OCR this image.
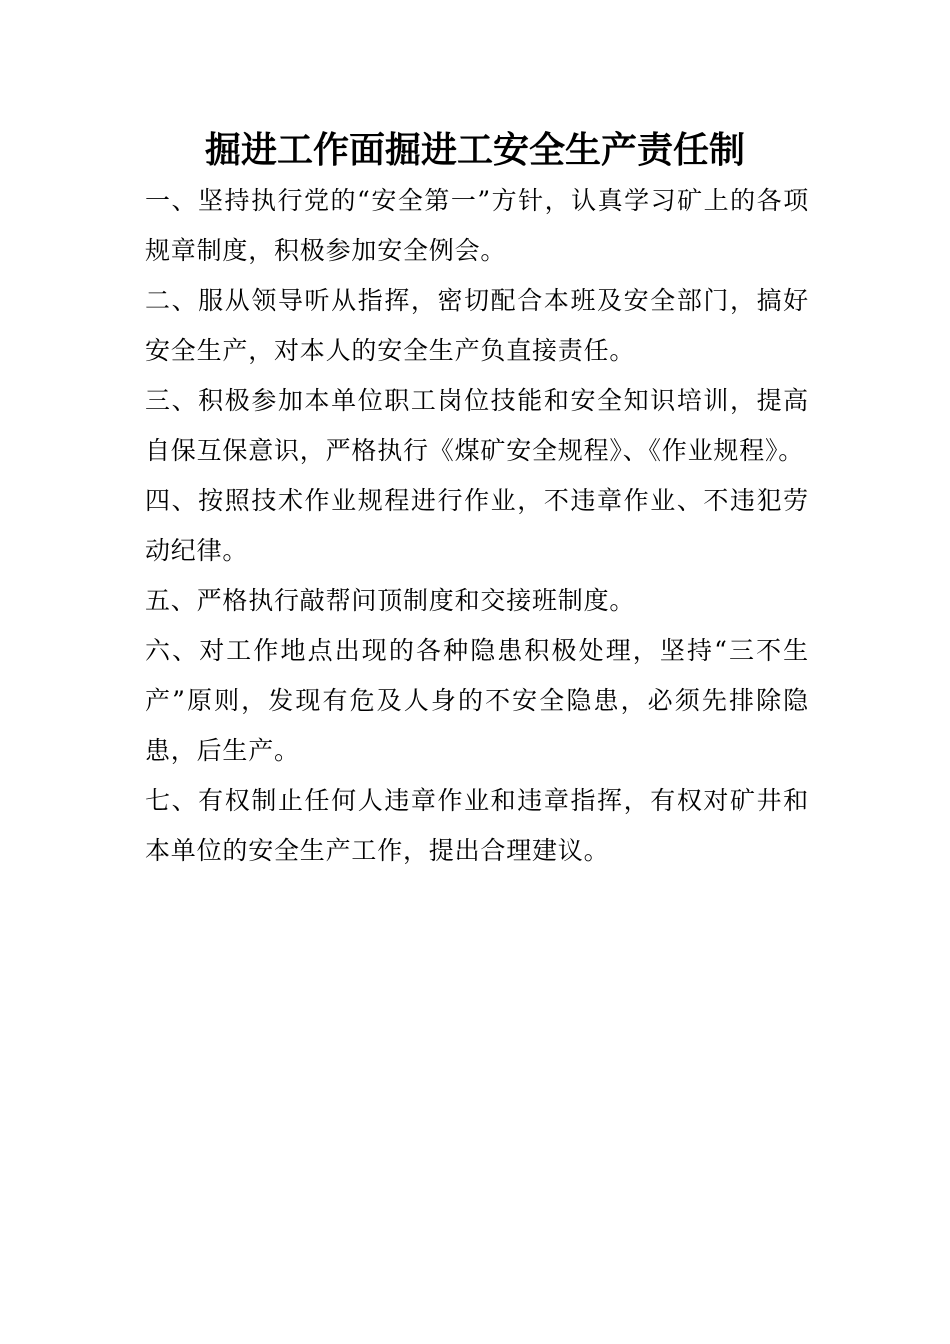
掘进工作面掘进工安全生产责任制

一、坚持执行党的“安全第一”方针，认真学习矿上的各项规章制度，积极参加安全例会。

二、服从领导听从指挥，密切配合本班及安全部门，搞好安全生产，对本人的安全生产负直接责任。

三、积极参加本单位职工岗位技能和安全知识培训，提高自保互保意识，严格执行《煤矿安全规程》、《作业规程》。

四、按照技术作业规程进行作业，不违章作业、不违犯劳动纪律。

五、严格执行敲帮问顶制度和交接班制度。

六、对工作地点出现的各种隐患积极处理，坚持“三不生产”原则，发现有危及人身的不安全隐患，必须先排除隐患，后生产。

七、有权制止任何人违章作业和违章指挥，有权对矿井和本单位的安全生产工作，提出合理建议。
